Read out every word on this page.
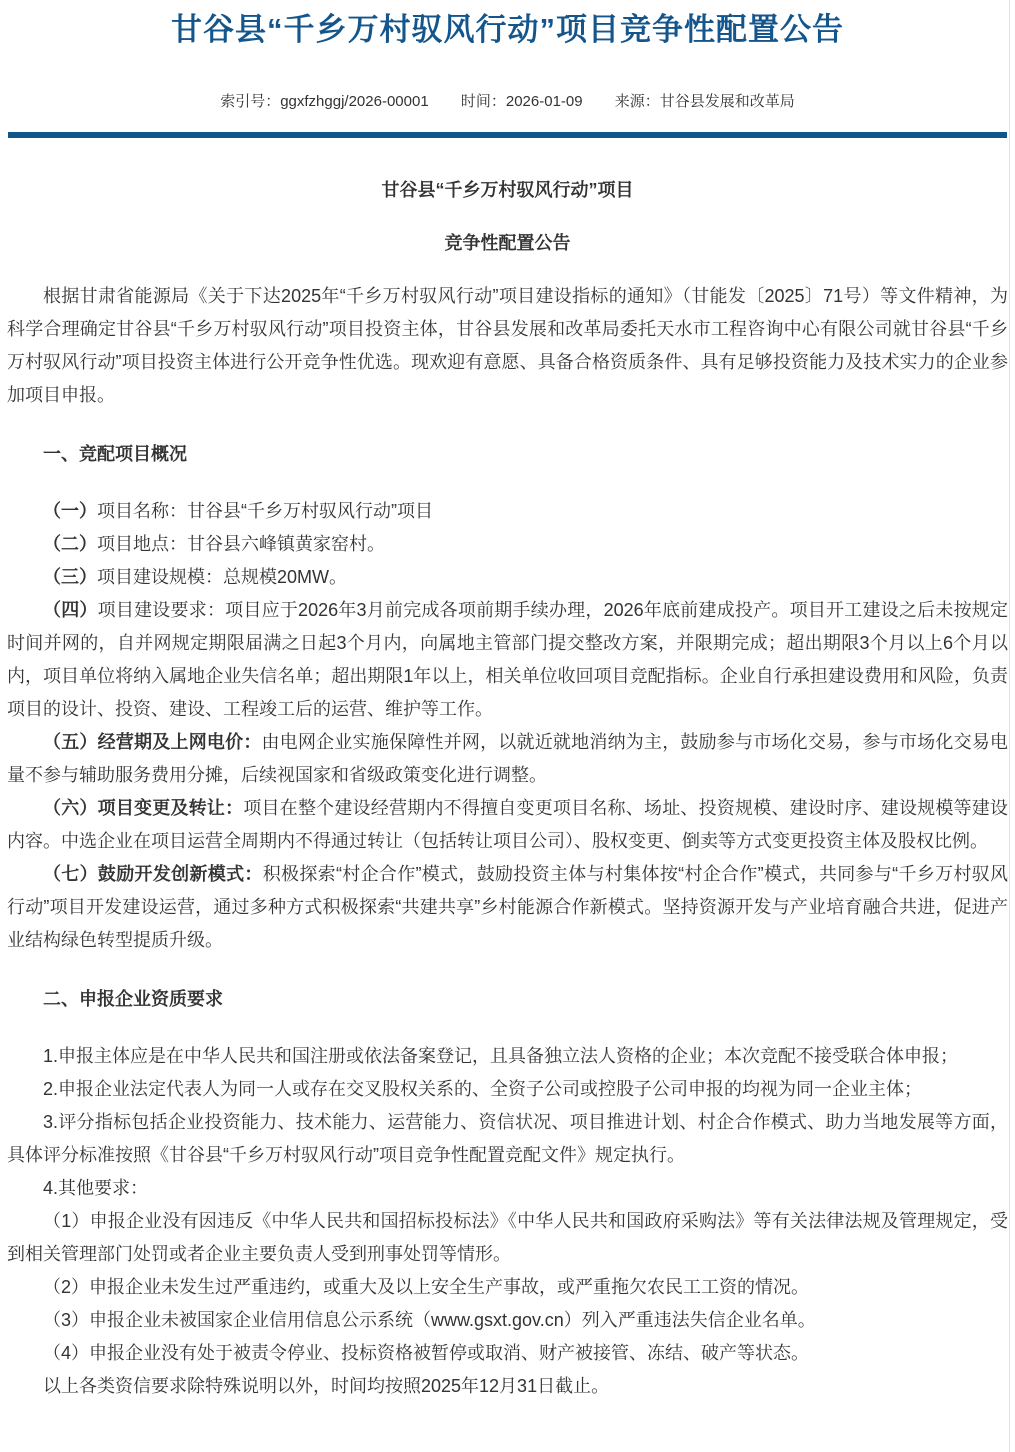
甘谷县“千乡万村驭风行动”项目竞争性配置公告
索引号：ggxfzhggj/2026-00001 时间：2026-01-09 来源：甘谷县发展和改革局

甘谷县“千乡万村驭风行动”项目

竞争性配置公告

根据甘肃省能源局《关于下达2025年“千乡万村驭风行动”项目建设指标的通知》（甘能发〔2025〕71号）等文件精神，为科学合理确定甘谷县“千乡万村驭风行动”项目投资主体，甘谷县发展和改革局委托天水市工程咨询中心有限公司就甘谷县“千乡万村驭风行动”项目投资主体进行公开竞争性优选。现欢迎有意愿、具备合格资质条件、具有足够投资能力及技术实力的企业参加项目申报。

一、竞配项目概况

（一）项目名称：甘谷县“千乡万村驭风行动”项目

（二）项目地点：甘谷县六峰镇黄家窑村。

（三）项目建设规模：总规模20MW。

（四）项目建设要求：项目应于2026年3月前完成各项前期手续办理，2026年底前建成投产。项目开工建设之后未按规定时间并网的，自并网规定期限届满之日起3个月内，向属地主管部门提交整改方案，并限期完成；超出期限3个月以上6个月以内，项目单位将纳入属地企业失信名单；超出期限1年以上，相关单位收回项目竞配指标。企业自行承担建设费用和风险，负责项目的设计、投资、建设、工程竣工后的运营、维护等工作。

（五）经营期及上网电价：由电网企业实施保障性并网，以就近就地消纳为主，鼓励参与市场化交易，参与市场化交易电量不参与辅助服务费用分摊，后续视国家和省级政策变化进行调整。

（六）项目变更及转让：项目在整个建设经营期内不得擅自变更项目名称、场址、投资规模、建设时序、建设规模等建设内容。中选企业在项目运营全周期内不得通过转让（包括转让项目公司）、股权变更、倒卖等方式变更投资主体及股权比例。

（七）鼓励开发创新模式：积极探索“村企合作”模式，鼓励投资主体与村集体按“村企合作”模式，共同参与“千乡万村驭风行动”项目开发建设运营，通过多种方式积极探索“共建共享”乡村能源合作新模式。坚持资源开发与产业培育融合共进，促进产业结构绿色转型提质升级。

二、申报企业资质要求

1.申报主体应是在中华人民共和国注册或依法备案登记，且具备独立法人资格的企业；本次竞配不接受联合体申报；

2.申报企业法定代表人为同一人或存在交叉股权关系的、全资子公司或控股子公司申报的均视为同一企业主体；

3.评分指标包括企业投资能力、技术能力、运营能力、资信状况、项目推进计划、村企合作模式、助力当地发展等方面，具体评分标准按照《甘谷县“千乡万村驭风行动”项目竞争性配置竞配文件》规定执行。

4.其他要求：

（1）申报企业没有因违反《中华人民共和国招标投标法》《中华人民共和国政府采购法》等有关法律法规及管理规定，受到相关管理部门处罚或者企业主要负责人受到刑事处罚等情形。

（2）申报企业未发生过严重违约，或重大及以上安全生产事故，或严重拖欠农民工工资的情况。

（3）申报企业未被国家企业信用信息公示系统（www.gsxt.gov.cn）列入严重违法失信企业名单。

（4）申报企业没有处于被责令停业、投标资格被暂停或取消、财产被接管、冻结、破产等状态。

以上各类资信要求除特殊说明以外，时间均按照2025年12月31日截止。
